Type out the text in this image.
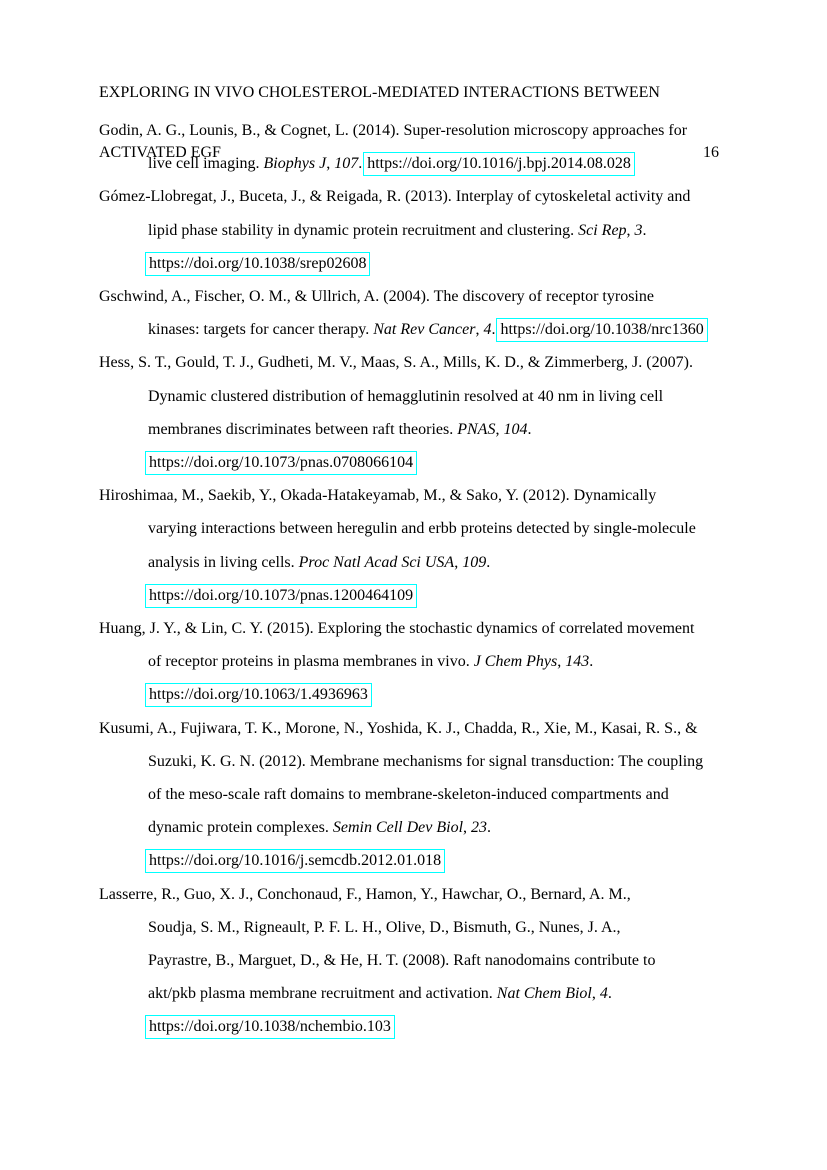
EXPLORING IN VIVO CHOLESTEROL-MEDIATED INTERACTIONS BETWEEN

ACTIVATED EGF	16

Godin, A. G., Lounis, B., & Cognet, L. (2014). Super-resolution microscopy approaches for
live cell imaging. Biophys J, 107. https://doi.org/10.1016/j.bpj.2014.08.028
Gómez-Llobregat, J., Buceta, J., & Reigada, R. (2013). Interplay of cytoskeletal activity and
lipid phase stability in dynamic protein recruitment and clustering. Sci Rep, 3.
https://doi.org/10.1038/srep02608
Gschwind, A., Fischer, O. M., & Ullrich, A. (2004). The discovery of receptor tyrosine
kinases: targets for cancer therapy. Nat Rev Cancer, 4. https://doi.org/10.1038/nrc1360
Hess, S. T., Gould, T. J., Gudheti, M. V., Maas, S. A., Mills, K. D., & Zimmerberg, J. (2007).
Dynamic clustered distribution of hemagglutinin resolved at 40 nm in living cell
membranes discriminates between raft theories. PNAS, 104.
https://doi.org/10.1073/pnas.0708066104
Hiroshimaa, M., Saekib, Y., Okada-Hatakeyamab, M., & Sako, Y. (2012). Dynamically
varying interactions between heregulin and erbb proteins detected by single-molecule
analysis in living cells. Proc Natl Acad Sci USA, 109.
https://doi.org/10.1073/pnas.1200464109
Huang, J. Y., & Lin, C. Y. (2015). Exploring the stochastic dynamics of correlated movement
of receptor proteins in plasma membranes in vivo. J Chem Phys, 143.
https://doi.org/10.1063/1.4936963
Kusumi, A., Fujiwara, T. K., Morone, N., Yoshida, K. J., Chadda, R., Xie, M., Kasai, R. S., &
Suzuki, K. G. N. (2012). Membrane mechanisms for signal transduction: The coupling
of the meso-scale raft domains to membrane-skeleton-induced compartments and
dynamic protein complexes. Semin Cell Dev Biol, 23.
https://doi.org/10.1016/j.semcdb.2012.01.018
Lasserre, R., Guo, X. J., Conchonaud, F., Hamon, Y., Hawchar, O., Bernard, A. M.,
Soudja, S. M., Rigneault, P. F. L. H., Olive, D., Bismuth, G., Nunes, J. A.,
Payrastre, B., Marguet, D., & He, H. T. (2008). Raft nanodomains contribute to
akt/pkb plasma membrane recruitment and activation. Nat Chem Biol, 4.
https://doi.org/10.1038/nchembio.103
